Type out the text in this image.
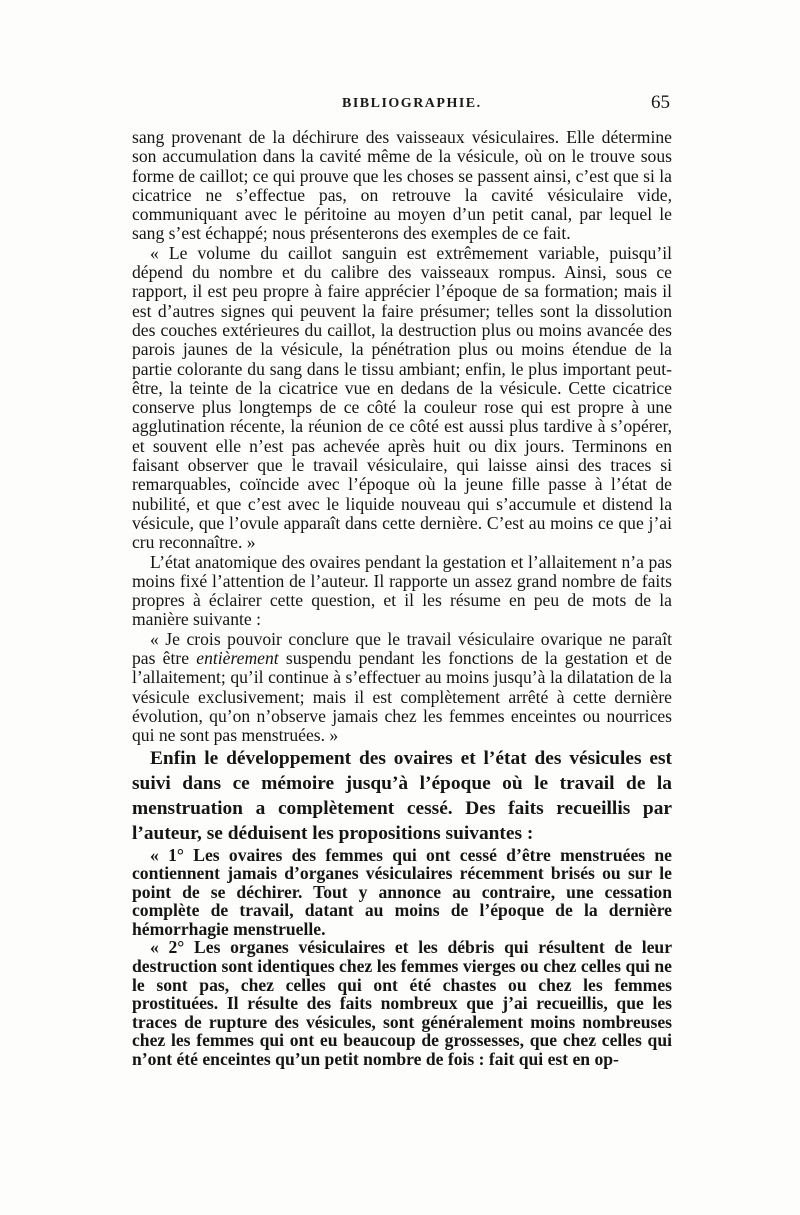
BIBLIOGRAPHIE.	65

sang provenant de la déchirure des vaisseaux vésiculaires. Elle détermine son accumulation dans la cavité même de la vésicule, où on le trouve sous forme de caillot; ce qui prouve que les choses se passent ainsi, c’est que si la cicatrice ne s’effectue pas, on retrouve la cavité vésiculaire vide, communiquant avec le péritoine au moyen d’un petit canal, par lequel le sang s’est échappé; nous présenterons des exemples de ce fait.

« Le volume du caillot sanguin est extrêmement variable, puisqu’il dépend du nombre et du calibre des vaisseaux rompus. Ainsi, sous ce rapport, il est peu propre à faire apprécier l’époque de sa formation; mais il est d’autres signes qui peuvent la faire présumer; telles sont la dissolution des couches extérieures du caillot, la destruction plus ou moins avancée des parois jaunes de la vésicule, la pénétration plus ou moins étendue de la partie colorante du sang dans le tissu ambiant; enfin, le plus important peut-être, la teinte de la cicatrice vue en dedans de la vésicule. Cette cicatrice conserve plus longtemps de ce côté la couleur rose qui est propre à une agglutination récente, la réunion de ce côté est aussi plus tardive à s’opérer, et souvent elle n’est pas achevée après huit ou dix jours. Terminons en faisant observer que le travail vésiculaire, qui laisse ainsi des traces si remarquables, coïncide avec l’époque où la jeune fille passe à l’état de nubilité, et que c’est avec le liquide nouveau qui s’accumule et distend la vésicule, que l’ovule apparaît dans cette dernière. C’est au moins ce que j’ai cru reconnaître. »

L’état anatomique des ovaires pendant la gestation et l’allaitement n’a pas moins fixé l’attention de l’auteur. Il rapporte un assez grand nombre de faits propres à éclairer cette question, et il les résume en peu de mots de la manière suivante :

« Je crois pouvoir conclure que le travail vésiculaire ovarique ne paraît pas être entièrement suspendu pendant les fonctions de la gestation et de l’allaitement; qu’il continue à s’effectuer au moins jusqu’à la dilatation de la vésicule exclusivement; mais il est complètement arrêté à cette dernière évolution, qu’on n’observe jamais chez les femmes enceintes ou nourrices qui ne sont pas menstruées. »

Enfin le développement des ovaires et l’état des vésicules est suivi dans ce mémoire jusqu’à l’époque où le travail de la menstruation a complètement cessé. Des faits recueillis par l’auteur, se déduisent les propositions suivantes :

« 1° Les ovaires des femmes qui ont cessé d’être menstruées ne contiennent jamais d’organes vésiculaires récemment brisés ou sur le point de se déchirer. Tout y annonce au contraire, une cessation complète de travail, datant au moins de l’époque de la dernière hémorrhagie menstruelle.

« 2° Les organes vésiculaires et les débris qui résultent de leur destruction sont identiques chez les femmes vierges ou chez celles qui ne le sont pas, chez celles qui ont été chastes ou chez les femmes prostituées. Il résulte des faits nombreux que j’ai recueillis, que les traces de rupture des vésicules, sont généralement moins nombreuses chez les femmes qui ont eu beaucoup de grossesses, que chez celles qui n’ont été enceintes qu’un petit nombre de fois : fait qui est en op-
